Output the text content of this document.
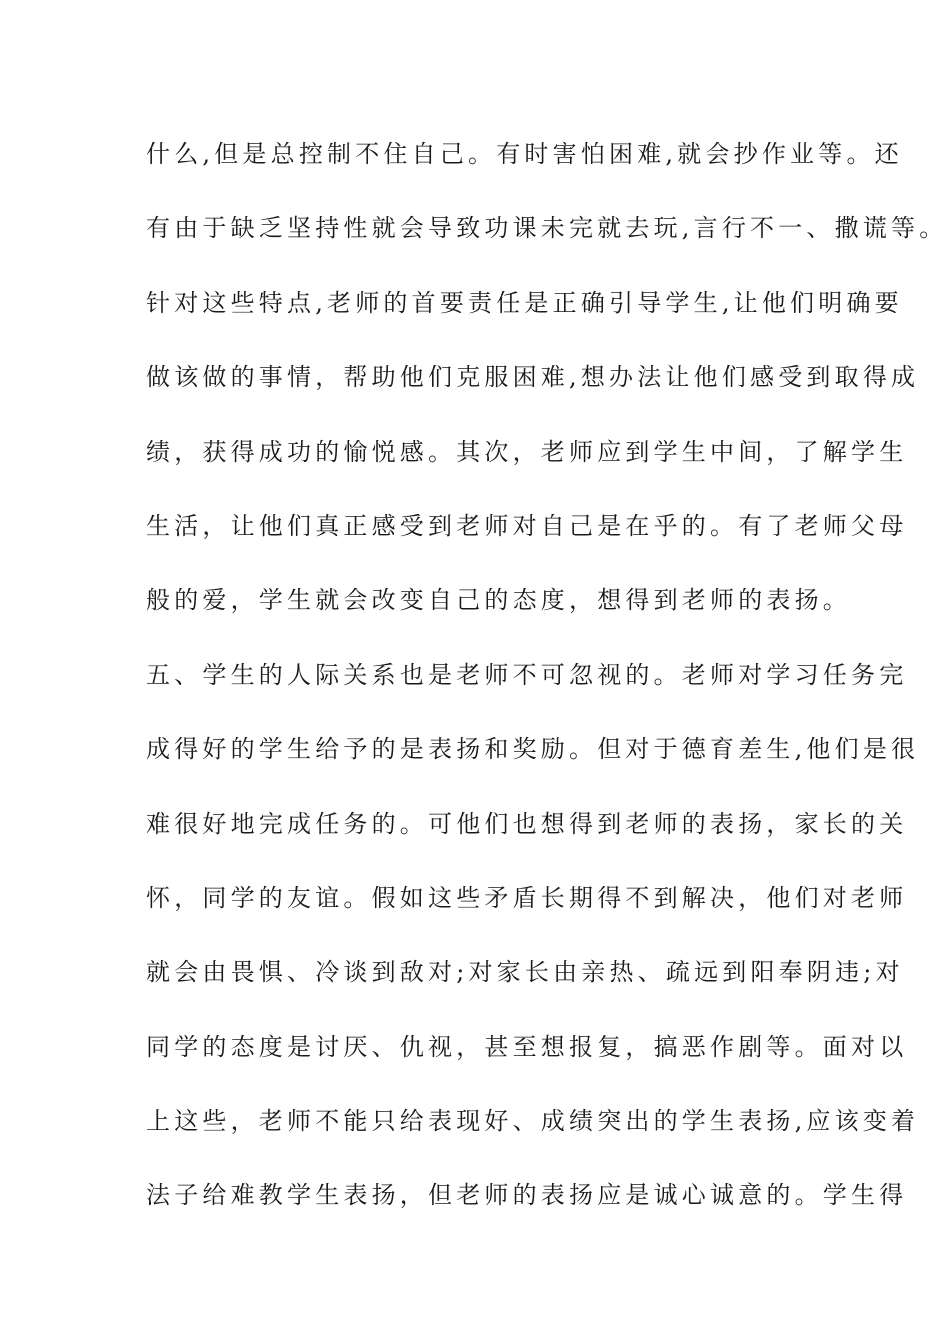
什么,但是总控制不住自己。有时害怕困难,就会抄作业等。还
有由于缺乏坚持性就会导致功课未完就去玩,言行不一、撒谎等。
针对这些特点,老师的首要责任是正确引导学生,让他们明确要
做该做的事情，帮助他们克服困难,想办法让他们感受到取得成
绩，获得成功的愉悦感。其次，老师应到学生中间，了解学生
生活，让他们真正感受到老师对自己是在乎的。有了老师父母
般的爱，学生就会改变自己的态度，想得到老师的表扬。
五、学生的人际关系也是老师不可忽视的。老师对学习任务完
成得好的学生给予的是表扬和奖励。但对于德育差生,他们是很
难很好地完成任务的。可他们也想得到老师的表扬，家长的关
怀，同学的友谊。假如这些矛盾长期得不到解决，他们对老师
就会由畏惧、冷谈到敌对;对家长由亲热、疏远到阳奉阴违;对
同学的态度是讨厌、仇视，甚至想报复，搞恶作剧等。面对以
上这些，老师不能只给表现好、成绩突出的学生表扬,应该变着
法子给难教学生表扬，但老师的表扬应是诚心诚意的。学生得
